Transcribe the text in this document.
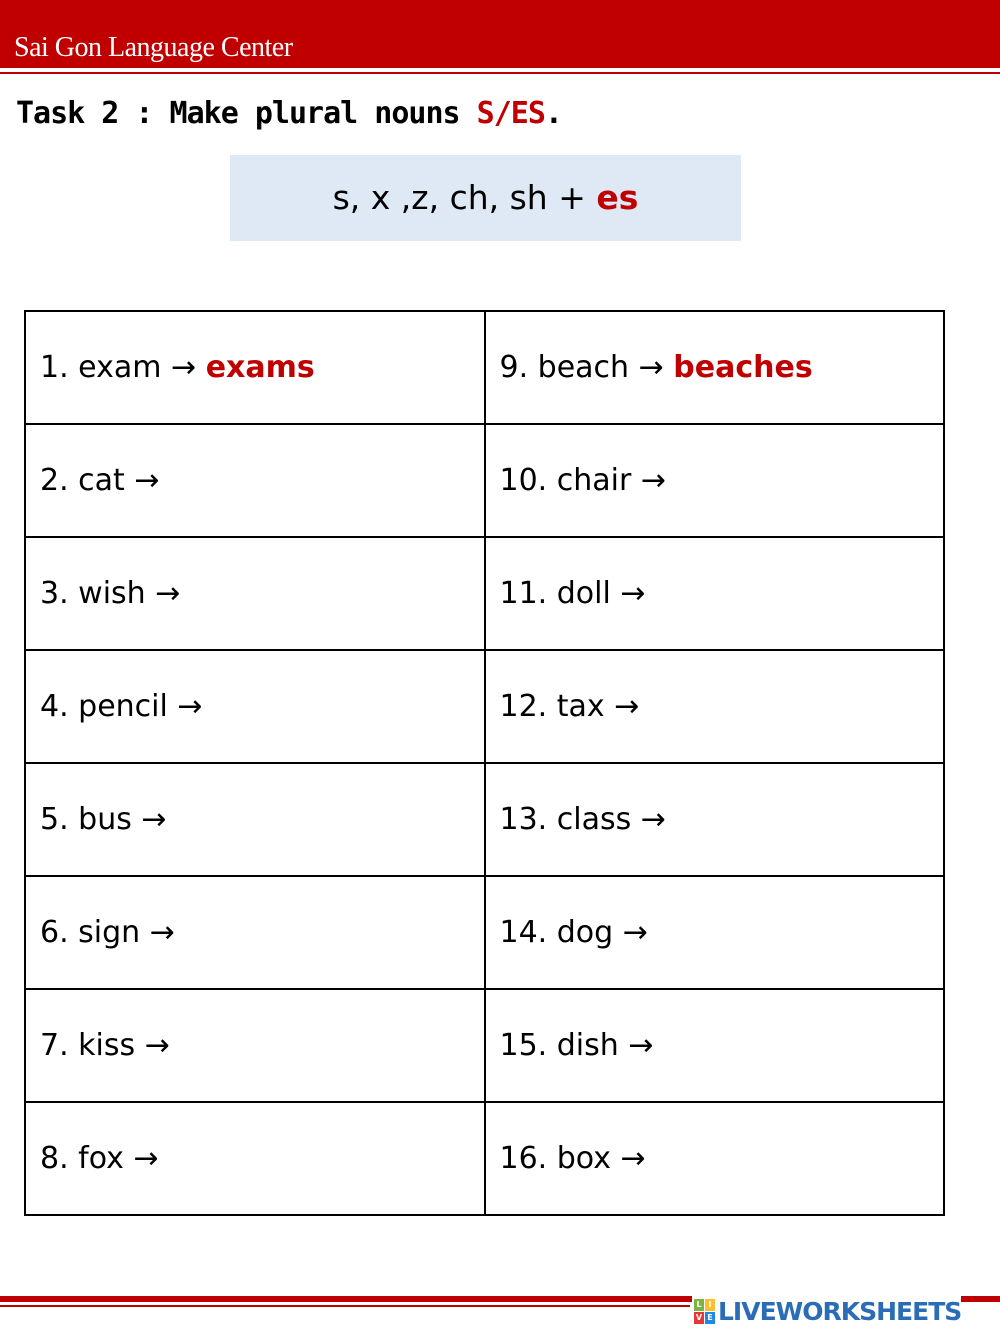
Sai Gon Language Center
Task 2 : Make plural nouns S/ES.
s, x ,z, ch, sh + es
1. exam → exams	9. beach → beaches
2. cat →	10. chair →
3. wish →	11. doll →
4. pencil →	12. tax →
5. bus →	13. class →
6. sign →	14. dog →
7. kiss →	15. dish →
8. fox →	16. box →
L I
V E LIVEWORKSHEETS
